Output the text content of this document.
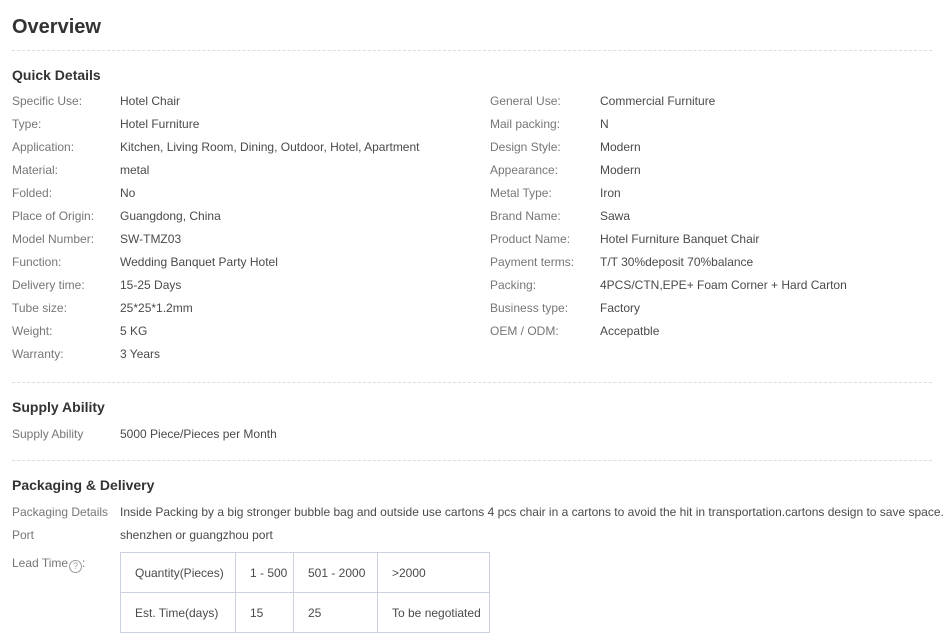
Overview
Quick Details
Specific Use:	Hotel Chair
Type:	Hotel Furniture
Application:	Kitchen, Living Room, Dining, Outdoor, Hotel, Apartment
Material:	metal
Folded:	No
Place of Origin:	Guangdong, China
Model Number:	SW-TMZ03
Function:	Wedding Banquet Party Hotel
Delivery time:	15-25 Days
Tube size:	25*25*1.2mm
Weight:	5 KG
Warranty:	3 Years
General Use:	Commercial Furniture
Mail packing:	N
Design Style:	Modern
Appearance:	Modern
Metal Type:	Iron
Brand Name:	Sawa
Product Name:	Hotel Furniture Banquet Chair
Payment terms:	T/T 30%deposit 70%balance
Packing:	4PCS/CTN,EPE+ Foam Corner + Hard Carton
Business type:	Factory
OEM / ODM:	Accepatble
Supply Ability
Supply Ability	5000 Piece/Pieces per Month
Packaging & Delivery
Packaging Details Inside Packing by a big stronger bubble bag and outside use cartons 4 pcs chair in a cartons to avoid the hit in transportation.cartons design to save space.
Port	shenzhen or guangzhou port
Lead Time ? :
Quantity(Pieces)	1 - 500	501 - 2000	>2000
Est. Time(days)	15	25	To be negotiated
